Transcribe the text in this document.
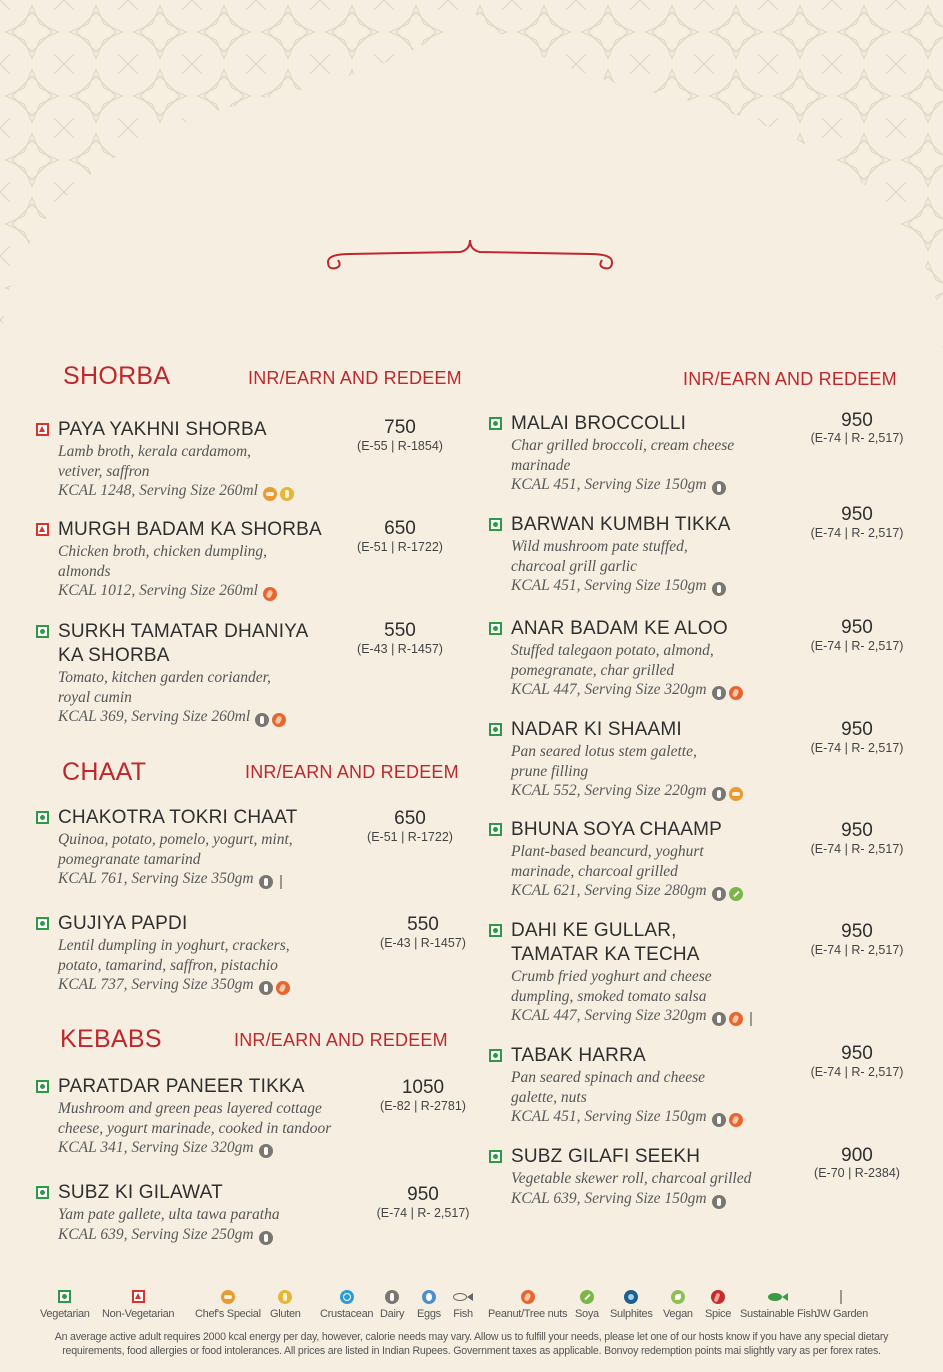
SHORBA	INR/EARN AND REDEEM	INR/EARN AND REDEEM
CHAAT	INR/EARN AND REDEEM
KEBABS	INR/EARN AND REDEEM
PAYA YAKHNI SHORBA
Lamb broth, kerala cardamom,
vetiver, saffron
KCAL 1248, Serving Size 260ml
750
(E-55 | R-1854)
MURGH BADAM KA SHORBA
Chicken broth, chicken dumpling,
almonds
KCAL 1012, Serving Size 260ml
650
(E-51 | R-1722)
SURKH TAMATAR DHANIYA
KA SHORBA
Tomato, kitchen garden coriander,
royal cumin
KCAL 369, Serving Size 260ml
550
(E-43 | R-1457)
CHAKOTRA TOKRI CHAAT
Quinoa, potato, pomelo, yogurt, mint,
pomegranate tamarind
KCAL 761, Serving Size 350gm
650
(E-51 | R-1722)
GUJIYA PAPDI
Lentil dumpling in yoghurt, crackers,
potato, tamarind, saffron, pistachio
KCAL 737, Serving Size 350gm
550
(E-43 | R-1457)
PARATDAR PANEER TIKKA
Mushroom and green peas layered cottage
cheese, yogurt marinade, cooked in tandoor
KCAL 341, Serving Size 320gm
1050
(E-82 | R-2781)
SUBZ KI GILAWAT
Yam pate gallete, ulta tawa paratha
KCAL 639, Serving Size 250gm
950
(E-74 | R- 2,517)
MALAI BROCCOLLI
Char grilled broccoli, cream cheese
marinade
KCAL 451, Serving Size 150gm
950
(E-74 | R- 2,517)
BARWAN KUMBH TIKKA
Wild mushroom pate stuffed,
charcoal grill garlic
KCAL 451, Serving Size 150gm
950
(E-74 | R- 2,517)
ANAR BADAM KE ALOO
Stuffed talegaon potato, almond,
pomegranate, char grilled
KCAL 447, Serving Size 320gm
950
(E-74 | R- 2,517)
NADAR KI SHAAMI
Pan seared lotus stem galette,
prune filling
KCAL 552, Serving Size 220gm
950
(E-74 | R- 2,517)
BHUNA SOYA CHAAMP
Plant-based beancurd, yoghurt
marinade, charcoal grilled
KCAL 621, Serving Size 280gm
950
(E-74 | R- 2,517)
DAHI KE GULLAR,
TAMATAR KA TECHA
Crumb fried yoghurt and cheese
dumpling, smoked tomato salsa
KCAL 447, Serving Size 320gm
950
(E-74 | R- 2,517)
TABAK HARRA
Pan seared spinach and cheese
galette, nuts
KCAL 451, Serving Size 150gm
950
(E-74 | R- 2,517)
SUBZ GILAFI SEEKH
Vegetable skewer roll, charcoal grilled
KCAL 639, Serving Size 150gm
900
(E-70 | R-2384)
Vegetarian Non-Vegetarian Chef's Special Gluten Crustacean Dairy Eggs Fish Peanut/Tree nuts Soya Sulphites Vegan Spice Sustainable Fish
JW Garden
An average active adult requires 2000 kcal energy per day, however, calorie needs may vary. Allow us to fulfill your needs, please let one of our hosts know if you have any special dietary
requirements, food allergies or food intolerances. All prices are listed in Indian Rupees. Government taxes as applicable. Bonvoy redemption points mai slightly vary as per forex rates.
